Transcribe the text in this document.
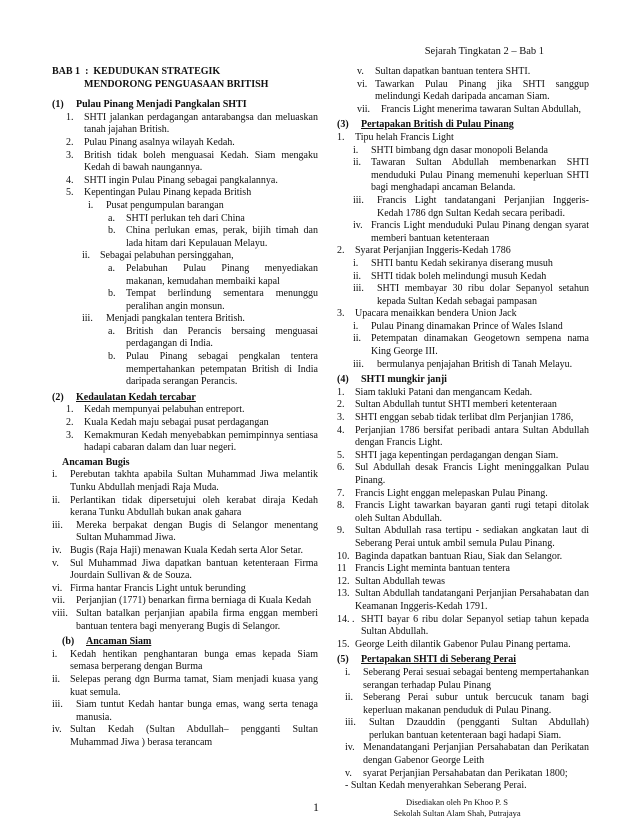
Sejarah Tingkatan 2 – Bab 1
BAB 1 : KEDUDUKAN STRATEGIK
MENDORONG PENGUASAAN BRITISH
(1) Pulau Pinang Menjadi Pangkalan SHTI
1. SHTI jalankan perdagangan antarabangsa dan meluaskan tanah jajahan British.
2. Pulau Pinang asalnya wilayah Kedah.
3. British tidak boleh menguasai Kedah. Siam mengaku Kedah di bawah naungannya.
4. SHTI ingin Pulau Pinang sebagai pangkalannya.
5. Kepentingan Pulau Pinang kepada British
i. Pusat pengumpulan barangan
a. SHTI perlukan teh dari China
b. China perlukan emas, perak, bijih timah dan lada hitam dari Kepulauan Melayu.
ii. Sebagai pelabuhan persinggahan,
a. Pelabuhan Pulau Pinang menyediakan makanan, kemudahan membaiki kapal
b. Tempat berlindung sementara menunggu peralihan angin monsun.
iii. Menjadi pangkalan tentera British.
a. British dan Perancis bersaing menguasai perdagangan di India.
b. Pulau Pinang sebagai pengkalan tentera mempertahankan petempatan British di India daripada serangan Perancis.
(2) Kedaulatan Kedah tercabar
1. Kedah mempunyai pelabuhan entreport.
2. Kuala Kedah maju sebagai pusat perdagangan
3. Kemakmuran Kedah menyebabkan pemimpinnya sentiasa hadapi cabaran dalam dan luar negeri.
Ancaman Bugis
i. Perebutan takhta apabila Sultan Muhammad Jiwa melantik Tunku Abdullah menjadi Raja Muda.
ii. Perlantikan tidak dipersetujui oleh kerabat diraja Kedah kerana Tunku Abdullah bukan anak gahara
iii. Mereka berpakat dengan Bugis di Selangor menentang Sultan Muhammad Jiwa.
iv. Bugis (Raja Haji) menawan Kuala Kedah serta Alor Setar.
v. Sul Muhammad Jiwa dapatkan bantuan ketenteraan Firma Jourdain Sullivan & de Souza.
vi. Firma hantar Francis Light untuk berunding
vii. Perjanjian (1771) benarkan firma berniaga di Kuala Kedah
viii. Sultan batalkan perjanjian apabila firma enggan memberi bantuan tentera bagi menyerang Bugis di Selangor.
(b) Ancaman Siam
i. Kedah hentikan penghantaran bunga emas kepada Siam semasa berperang dengan Burma
ii. Selepas perang dgn Burma tamat, Siam menjadi kuasa yang kuat semula.
iii. Siam tuntut Kedah hantar bunga emas, wang serta tenaga manusia.
iv. Sultan Kedah (Sultan Abdullah– pengganti Sultan Muhammad Jiwa ) berasa terancam
v. Sultan dapatkan bantuan tentera SHTI.
vi. Tawarkan Pulau Pinang jika SHTI sanggup melindungi Kedah daripada ancaman Siam.
vii. Francis Light menerima tawaran Sultan Abdullah,
(3) Pertapakan British di Pulau Pinang
1. Tipu helah Francis Light
i. SHTI bimbang dgn dasar monopoli Belanda
ii. Tawaran Sultan Abdullah membenarkan SHTI menduduki Pulau Pinang memenuhi keperluan SHTI bagi menghadapi ancaman Belanda.
iii. Francis Light tandatangani Perjanjian Inggeris-Kedah 1786 dgn Sultan Kedah secara peribadi.
iv. Francis Light menduduki Pulau Pinang dengan syarat memberi bantuan ketenteraan
2. Syarat Perjanjian Inggeris-Kedah 1786
i. SHTI bantu Kedah sekiranya diserang musuh
ii. SHTI tidak boleh melindungi musuh Kedah
iii. SHTI membayar 30 ribu dolar Sepanyol setahun kepada Sultan Kedah sebagai pampasan
3. Upacara menaikkan bendera Union Jack
i. Pulau Pinang dinamakan Prince of Wales Island
ii. Petempatan dinamakan Geogetown sempena nama King George III.
iii. bermulanya penjajahan British di Tanah Melayu.
(4) SHTI mungkir janji
1. Siam takluki Patani dan mengancam Kedah.
2. Sultan Abdullah tuntut SHTI memberi ketenteraan
3. SHTI enggan sebab tidak terlibat dlm Perjanjian 1786,
4. Perjanjian 1786 bersifat peribadi antara Sultan Abdullah dengan Francis Light.
5. SHTI jaga kepentingan perdagangan dengan Siam.
6. Sul Abdullah desak Francis Light meninggalkan Pulau Pinang.
7. Francis Light enggan melepaskan Pulau Pinang.
8. Francis Light tawarkan bayaran ganti rugi tetapi ditolak oleh Sultan Abdullah.
9. Sultan Abdullah rasa tertipu - sediakan angkatan laut di Seberang Perai untuk ambil semula Pulau Pinang.
10. Baginda dapatkan bantuan Riau, Siak dan Selangor.
11 Francis Light meminta bantuan tentera
12. Sultan Abdullah tewas
13. Sultan Abdullah tandatangani Perjanjian Persahabatan dan Keamanan Inggeris-Kedah 1791.
14. . SHTI bayar 6 ribu dolar Sepanyol setiap tahun kepada Sultan Abdullah.
15. George Leith dilantik Gabenor Pulau Pinang pertama.
(5) Pertapakan SHTI di Seberang Perai
i. Seberang Perai sesuai sebagai benteng mempertahankan serangan terhadap Pulau Pinang
ii. Seberang Perai subur untuk bercucuk tanam bagi keperluan makanan penduduk di Pulau Pinang.
iii. Sultan Dzauddin (pengganti Sultan Abdullah) perlukan bantuan ketenteraan bagi hadapi Siam.
iv. Menandatangani Perjanjian Persahabatan dan Perikatan dengan Gabenor George Leith
v. syarat Perjanjian Persahabatan dan Perikatan 1800;
- Sultan Kedah menyerahkan Seberang Perai.
1	Disediakan oleh Pn Khoo P. S
Sekolah Sultan Alam Shah, Putrajaya
